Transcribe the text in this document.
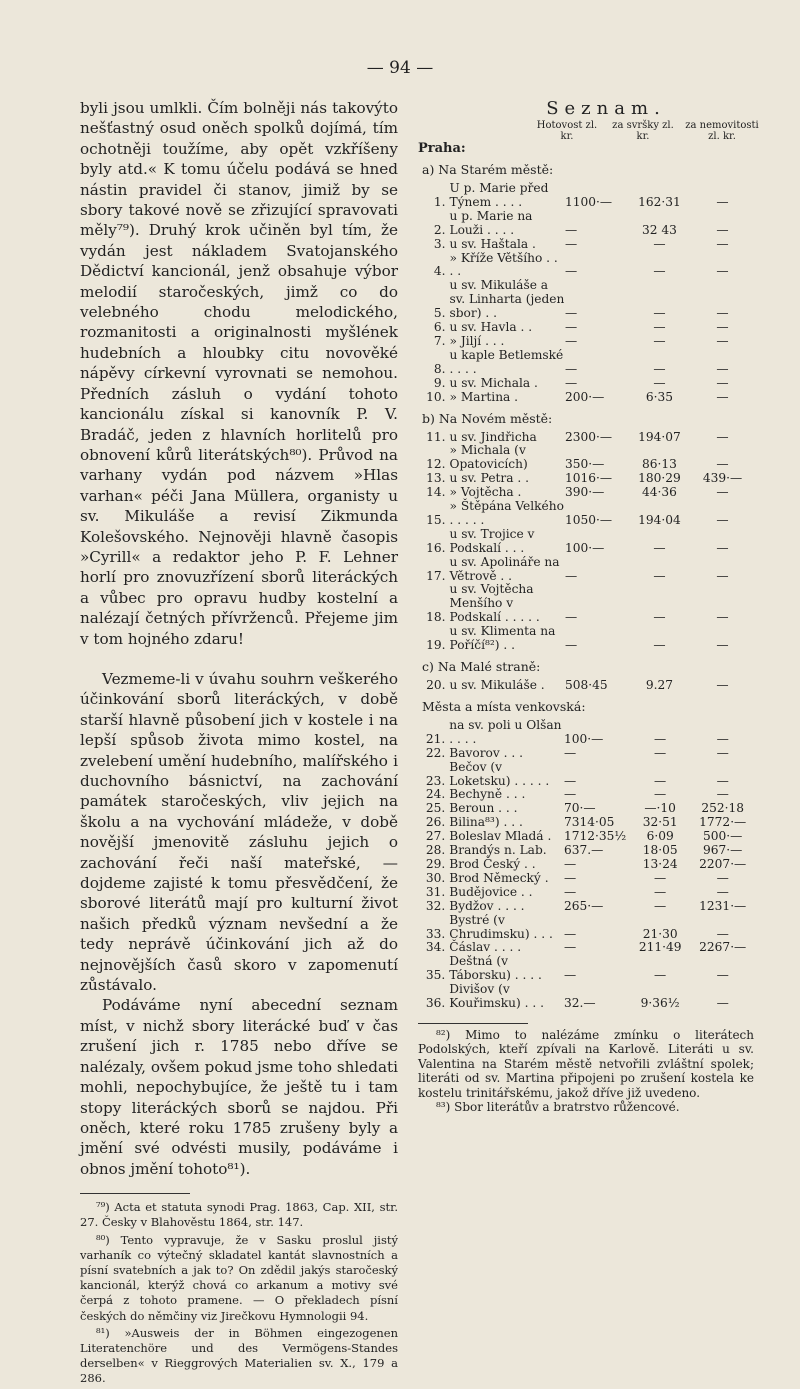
— 94 —

byli jsou umlkli. Čím bolněji nás takovýto nešťastný osud oněch spolků dojímá, tím ochotněji toužíme, aby opět vzkříšeny byly atd.« K tomu účelu podává se hned nástin pravidel či stanov, jimiž by se sbory takové nově se zřizující spravovati měly⁷⁹). Druhý krok učiněn byl tím, že vydán jest nákladem Svatojanského Dědictví kancionál, jenž obsahuje výbor melodií staročeských, jimž co do velebného chodu melodického, rozmanitosti a originalnosti myšlének hudebních a hloubky citu novověké nápěvy církevní vyrovnati se nemohou. Předních zásluh o vydání tohoto kancionálu získal si kanovník P. V. Bradáč, jeden z hlavních horlitelů pro obnovení kůrů literátských⁸⁰). Průvod na varhany vydán pod názvem »Hlas varhan« péči Jana Müllera, organisty u sv. Mikuláše a revisí Zikmunda Kolešovského. Nejnověji hlavně časopis »Cyrill« a redaktor jeho P. F. Lehner horlí pro znovuzřízení sborů literáckých a vůbec pro opravu hudby kostelní a nalézají četných přívrženců. Přejeme jim v tom hojného zdaru!

Vezmeme-li v úvahu souhrn veškerého účinkování sborů literáckých, v době starší hlavně působení jich v kostele i na lepší spůsob života mimo kostel, na zvelebení umění hudebního, malířského i duchovního básnictví, na zachování památek staročeských, vliv jejich na školu a na vychování mládeže, v době novější jmenovitě zásluhu jejich o zachování řeči naší mateřské, — dojdeme zajisté k tomu přesvědčení, že sborové literátů mají pro kulturní život našich předků význam nevšední a že tedy neprávě účinkování jich až do nejnovějších časů skoro v zapomenutí zůstávalo.

Podáváme nyní abecední seznam míst, v nichž sbory literácké buď v čas zrušení jich r. 1785 nebo dříve se nalézaly, ovšem pokud jsme toho shledati mohli, nepochybujíce, že ještě tu i tam stopy literáckých sborů se najdou. Při oněch, které roku 1785 zrušeny byly a jmění své odvésti musily, podáváme i obnos jmění tohoto⁸¹).

⁷⁹) Acta et statuta synodi Prag. 1863, Cap. XII, str. 27. Česky v Blahověstu 1864, str. 147.

⁸⁰) Tento vypravuje, že v Sasku proslul jistý varhaník co výtečný skladatel kantát slavnostních a písní svatebních a jak to? On zdědil jakýs staročeský kancionál, kterýž chová co arkanum a motivy své čerpá z tohoto pramene. — O překladech písní českých do němčiny viz Jirečkovu Hymnologii 94.

⁸¹) »Ausweis der in Böhmen eingezogenen Literatenchöre und des Vermögens-Standes derselben« v Rieggrových Materialien sv. X., 179 a 286.

Seznam.
Hotovost zl. kr.
za svršky zl. kr.
za nemovitosti zl. kr.
Praha:
a) Na Starém městě:
1.	U p. Marie před Týnem . . . .	1100·—	162·31	—
2.	u p. Marie na Louži . . . .	—	32 43	—
3.	u sv. Haštala .	—	—	—
4.	» Kříže Většího . . . .	—	—	—
5.	u sv. Mikuláše a sv. Linharta (jeden sbor) . .	—	—	—
6.	u sv. Havla . .	—	—	—
7.	» Jiljí . . .	—	—	—
8.	u kaple Betlemské . . . .	—	—	—
9.	u sv. Michala .	—	—	—
10.	» Martina .	200·—	6·35	—
b) Na Novém městě:
11.	u sv. Jindřicha	2300·—	194·07	—
12.	» Michala (v Opatovicích)	350·—	86·13	—
13.	u sv. Petra . .	1016·—	180·29	439·—
14.	» Vojtěcha .	390·—	44·36	—
15.	» Štěpána Velkého . . . . .	1050·—	194·04	—
16.	u sv. Trojice v Podskalí . . .	100·—	—	—
17.	u sv. Apolináře na Větrově . .	—	—	—
18.	u sv. Vojtěcha Menšího v Podskalí . . . . .	—	—	—
19.	u sv. Klimenta na Poříčí⁸²) . .	—	—	—
c) Na Malé straně:
20.	u sv. Mikuláše .	508·45	9.27	—
Města a místa venkovská:
21.	na sv. poli u Olšan . . . .	100·—	—	—
22.	Bavorov . . .	—	—	—
23.	Bečov (v Loketsku) . . . . .	—	—	—
24.	Bechyně . . .	—	—	—
25.	Beroun . . .	70·—	—·10	252·18
26.	Bilina⁸³) . . .	7314·05	32·51	1772·—
27.	Boleslav Mladá .	1712·35½	6·09	500·—
28.	Brandýs n. Lab.	637.—	18·05	967·—
29.	Brod Český . .	—	13·24	2207·—
30.	Brod Německý .	—	—	—
31.	Budějovice . .	—	—	—
32.	Bydžov . . . .	265·—	—	1231·—
33.	Bystré (v Chrudimsku) . . .	—	21·30	—
34.	Čáslav . . . .	—	211·49	2267·—
35.	Deštná (v Táborsku) . . . .	—	—	—
36.	Divišov (v Kouřimsku) . . .	32.—	9·36½	—

⁸²) Mimo to nalézáme zmínku o literátech Podolských, kteří zpívali na Karlově. Literáti u sv. Valentina na Starém městě netvořili zvláštní spolek; literáti od sv. Martina připojeni po zrušení kostela ke kostelu trinitářskému, jakož dříve již uvedeno.

⁸³) Sbor literátův a bratrstvo růžencové.
